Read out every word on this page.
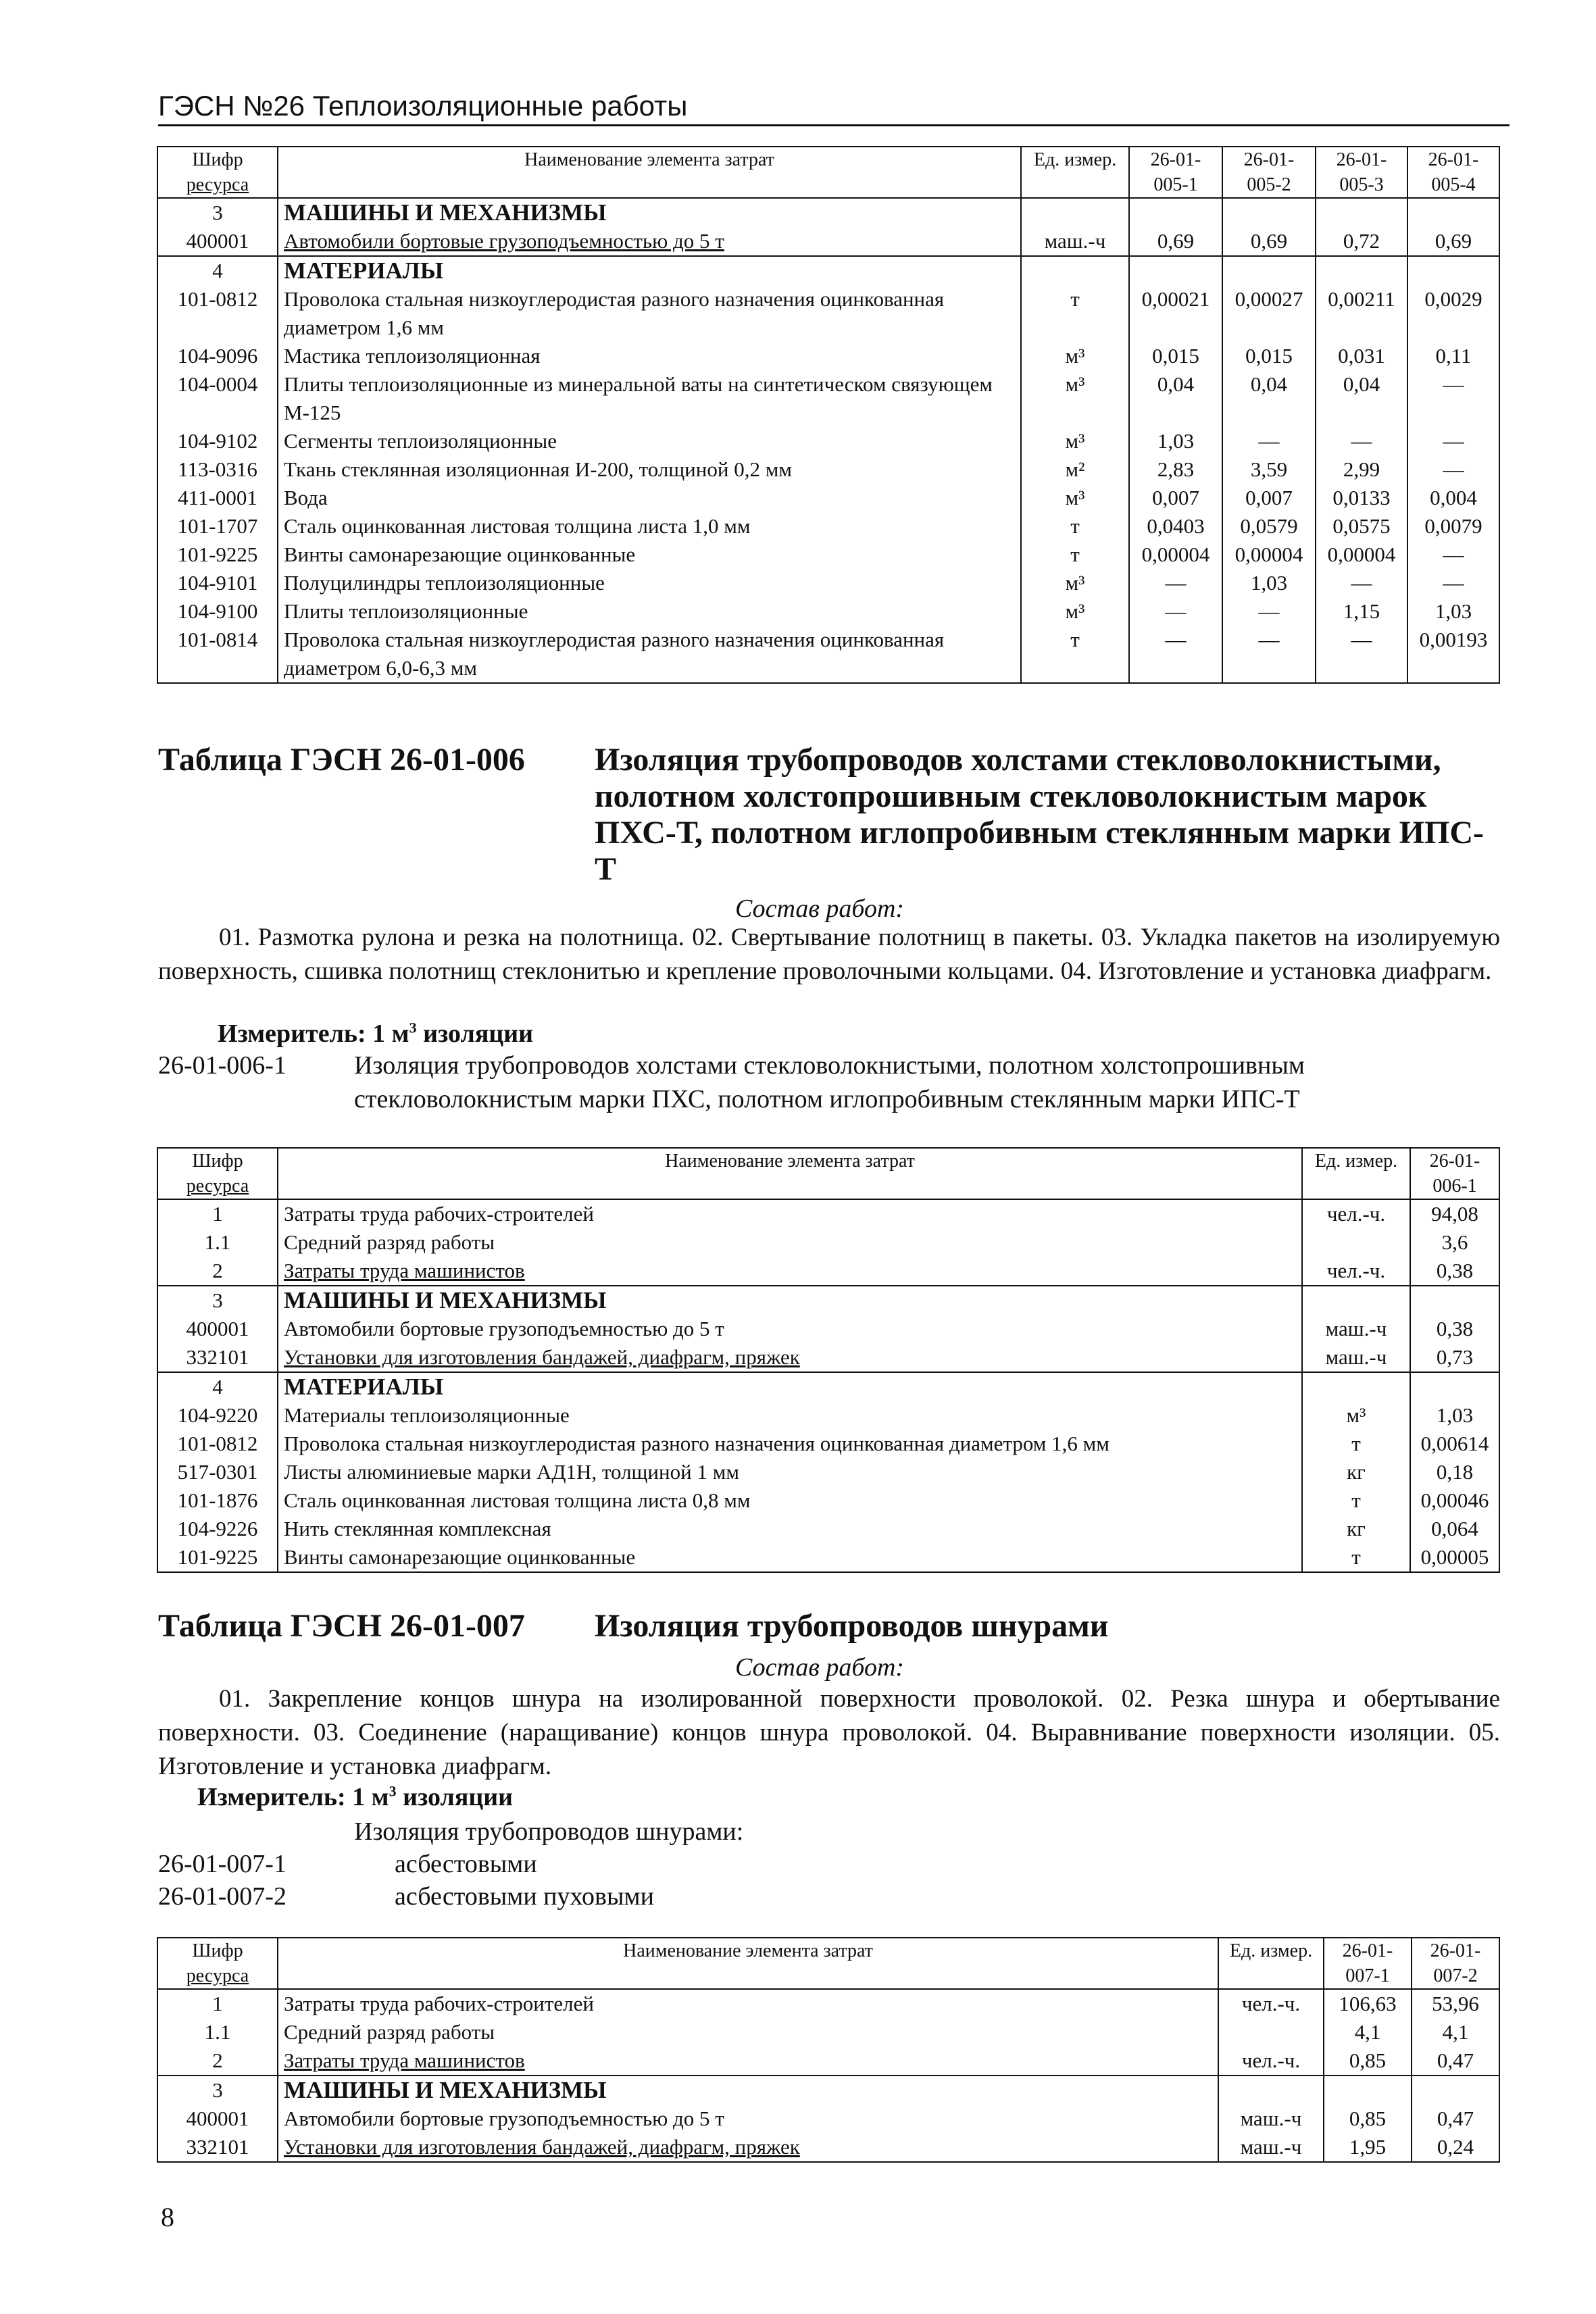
ГЭСН №26 Теплоизоляционные работы
Шифр
ресурса	Наименование элемента затрат	Ед. измер.	26-01-005-1	26-01-005-2	26-01-005-3	26-01-005-4
3	МАШИНЫ И МЕХАНИЗМЫ					
400001	Автомобили бортовые грузоподъемностью до 5 т	маш.-ч	0,69	0,69	0,72	0,69
4	МАТЕРИАЛЫ					
101-0812	Проволока стальная низкоуглеродистая разного назначения оцинкованная диаметром 1,6 мм	т	0,00021	0,00027	0,00211	0,0029
104-9096	Мастика теплоизоляционная	м³	0,015	0,015	0,031	0,11
104-0004	Плиты теплоизоляционные из минеральной ваты на синтетическом связующем М-125	м³	0,04	0,04	0,04	—
104-9102	Сегменты теплоизоляционные	м³	1,03	—	—	—
113-0316	Ткань стеклянная изоляционная И-200, толщиной 0,2 мм	м²	2,83	3,59	2,99	—
411-0001	Вода	м³	0,007	0,007	0,0133	0,004
101-1707	Сталь оцинкованная листовая толщина листа 1,0 мм	т	0,0403	0,0579	0,0575	0,0079
101-9225	Винты самонарезающие оцинкованные	т	0,00004	0,00004	0,00004	—
104-9101	Полуцилиндры теплоизоляционные	м³	—	1,03	—	—
104-9100	Плиты теплоизоляционные	м³	—	—	1,15	1,03
101-0814	Проволока стальная низкоуглеродистая разного назначения оцинкованная диаметром 6,0-6,3 мм	т	—	—	—	0,00193
Таблица ГЭСН 26-01-006	Изоляция трубопроводов холстами стекловолокнистыми, полотном холстопрошивным стекловолокнистым марок ПХС-Т, полотном иглопробивным стеклянным марки ИПС-Т
Состав работ:
01. Размотка рулона и резка на полотнища. 02. Свертывание полотнищ в пакеты. 03. Укладка пакетов на изолируемую поверхность, сшивка полотнищ стеклонитью и крепление проволочными кольцами. 04. Изготовление и установка диафрагм.
Измеритель: 1 $м^3$ изоляции
26-01-006-1	Изоляция трубопроводов холстами стекловолокнистыми, полотном холстопрошивным стекловолокнистым марки ПХС, полотном иглопробивным стеклянным марки ИПС-Т
Шифр
ресурса	Наименование элемента затрат	Ед. измер.	26-01-006-1
1	Затраты труда рабочих-строителей	чел.-ч.	94,08
1.1	Средний разряд работы		3,6
2	Затраты труда машинистов	чел.-ч.	0,38
3	МАШИНЫ И МЕХАНИЗМЫ		
400001	Автомобили бортовые грузоподъемностью до 5 т	маш.-ч	0,38
332101	Установки для изготовления бандажей, диафрагм, пряжек	маш.-ч	0,73
4	МАТЕРИАЛЫ		
104-9220	Материалы теплоизоляционные	м³	1,03
101-0812	Проволока стальная низкоуглеродистая разного назначения оцинкованная диаметром 1,6 мм	т	0,00614
517-0301	Листы алюминиевые марки АД1Н, толщиной 1 мм	кг	0,18
101-1876	Сталь оцинкованная листовая толщина листа 0,8 мм	т	0,00046
104-9226	Нить стеклянная комплексная	кг	0,064
101-9225	Винты самонарезающие оцинкованные	т	0,00005
Таблица ГЭСН 26-01-007	Изоляция трубопроводов шнурами
Состав работ:
01. Закрепление концов шнура на изолированной поверхности проволокой. 02. Резка шнура и обертывание поверхности. 03. Соединение (наращивание) концов шнура проволокой. 04. Выравнивание поверхности изоляции. 05. Изготовление и установка диафрагм.
Измеритель: 1 $м^3$ изоляции
Изоляция трубопроводов шнурами:
26-01-007-1	асбестовыми
26-01-007-2	асбестовыми пуховыми
Шифр
ресурса	Наименование элемента затрат	Ед. измер.	26-01-007-1	26-01-007-2
1	Затраты труда рабочих-строителей	чел.-ч.	106,63	53,96
1.1	Средний разряд работы		4,1	4,1
2	Затраты труда машинистов	чел.-ч.	0,85	0,47
3	МАШИНЫ И МЕХАНИЗМЫ			
400001	Автомобили бортовые грузоподъемностью до 5 т	маш.-ч	0,85	0,47
332101	Установки для изготовления бандажей, диафрагм, пряжек	маш.-ч	1,95	0,24
8
